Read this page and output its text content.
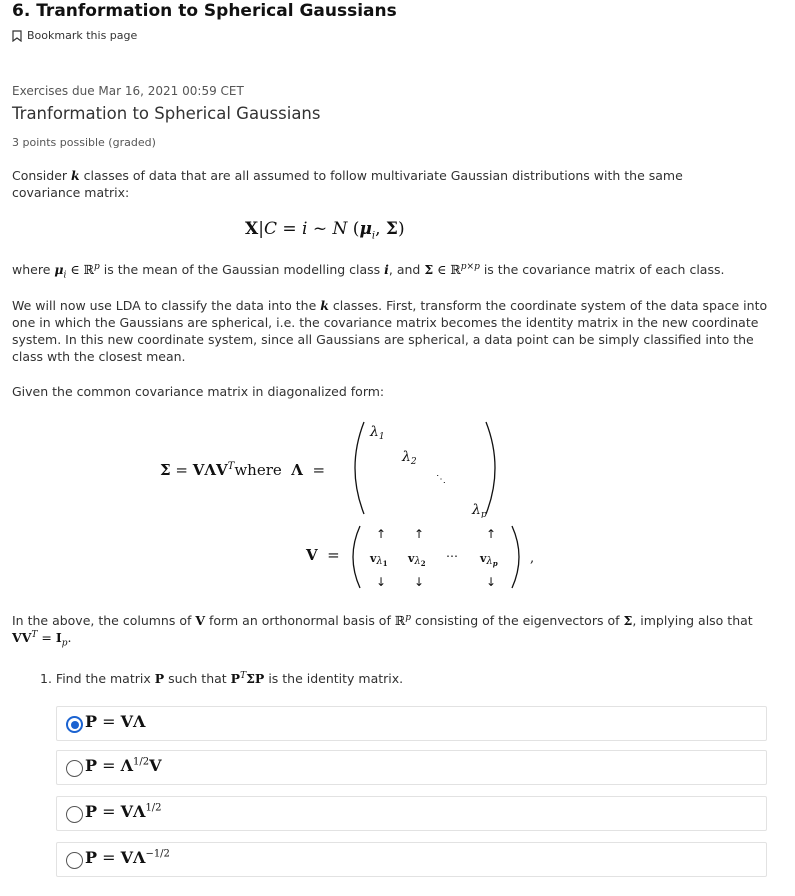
6. Tranformation to Spherical Gaussians
Bookmark this page
Exercises due Mar 16, 2021 00:59 CET
Tranformation to Spherical Gaussians
3 points possible (graded)
Consider k classes of data that are all assumed to follow multivariate Gaussian distributions with the same covariance matrix:
X|C = i ~ N ($\mu_i$, Σ)
where $\mu_i$ ∈ ℝ$^p$ is the mean of the Gaussian modelling class i, and Σ ∈ ℝ$^{p\times p}$ is the covariance matrix of each class.
We will now use LDA to classify the data into the k classes. First, transform the coordinate system of the data space into one in which the Gaussians are spherical, i.e. the covariance matrix becomes the identity matrix in the new coordinate system. In this new coordinate system, since all Gaussians are spherical, a data point can be simply classified into the class wth the closest mean.
Given the common covariance matrix in diagonalized form:
$\Sigma = V\Lambda V^Twhere$ Λ  =
$\lambda_1$
$\lambda_2$
⋱
$\lambda_p$
V  =
↑ ↑	↑
vλ1 vλ2
⋯ vλp
↓ ↓	↓
,
In the above, the columns of V form an orthonormal basis of ℝ$^p$ consisting of the eigenvectors of Σ, implying also that
$VV^T = I_p$.
1. Find the matrix P such that $P^T\Sigma P$ is the identity matrix.
P = VΛ
$P = \Lambda^{1/2}V$
$P = V\Lambda^{1/2}$
$P = V\Lambda^{-1/2}$
